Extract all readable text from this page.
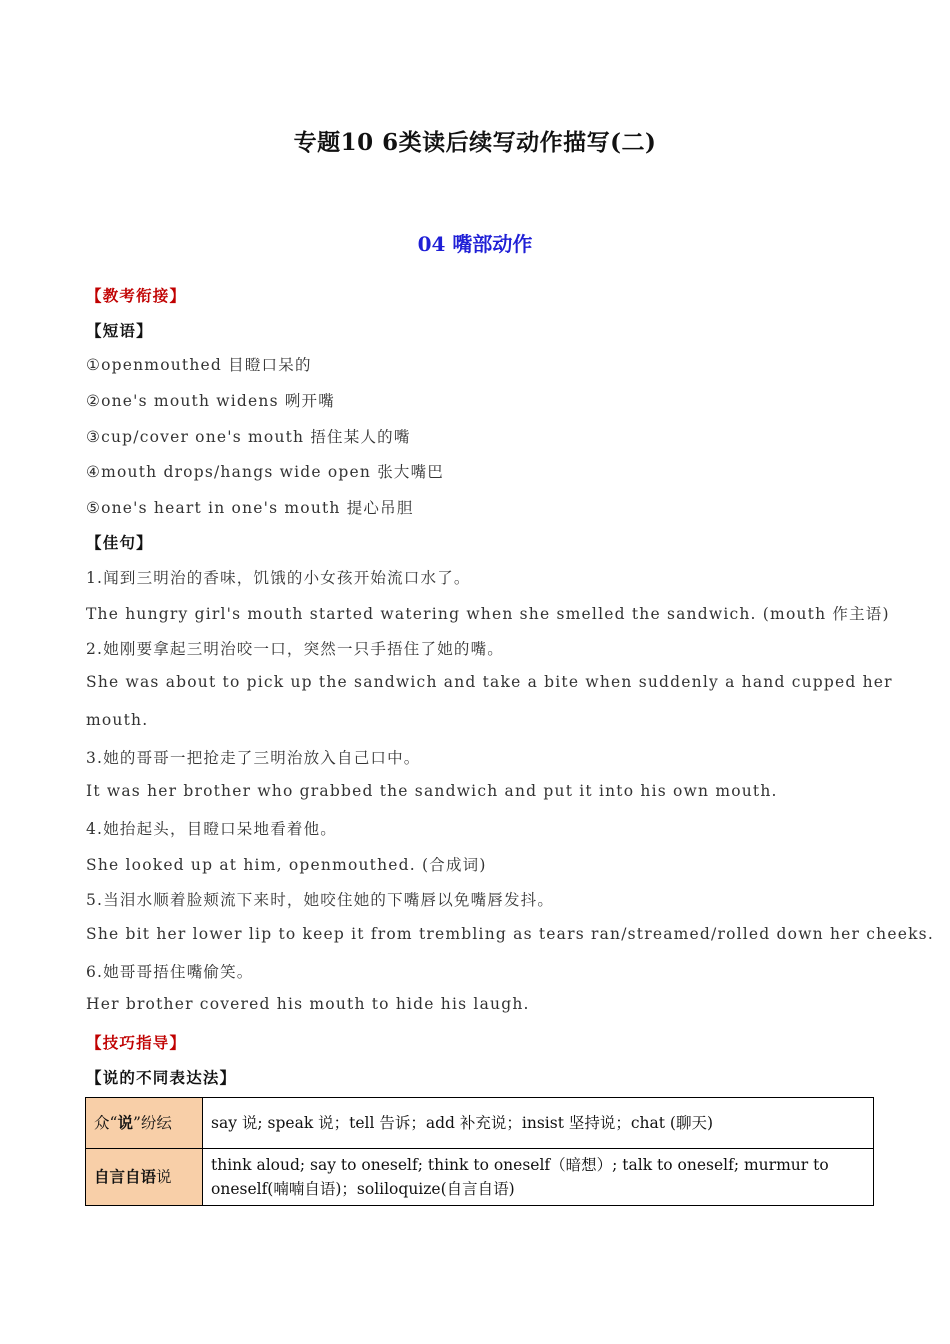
专题10 6类读后续写动作描写(二)
04 嘴部动作
【教考衔接】
【短语】
①openmouthed 目瞪口呆的
②one's mouth widens 咧开嘴
③cup/cover one's mouth 捂住某人的嘴
④mouth drops/hangs wide open 张大嘴巴
⑤one's heart in one's mouth 提心吊胆
【佳句】
1.闻到三明治的香味，饥饿的小女孩开始流口水了。
The hungry girl's mouth started watering when she smelled the sandwich. (mouth 作主语)
2.她刚要拿起三明治咬一口，突然一只手捂住了她的嘴。
She was about to pick up the sandwich and take a bite when suddenly a hand cupped her
mouth.
3.她的哥哥一把抢走了三明治放入自己口中。
It was her brother who grabbed the sandwich and put it into his own mouth.
4.她抬起头，目瞪口呆地看着他。
She looked up at him, openmouthed. (合成词)
5.当泪水顺着脸颊流下来时，她咬住她的下嘴唇以免嘴唇发抖。
She bit her lower lip to keep it from trembling as tears ran/streamed/rolled down her cheeks.
6.她哥哥捂住嘴偷笑。
Her brother covered his mouth to hide his laugh.
【技巧指导】
【说的不同表达法】
众“说”纷纭	say 说; speak 说；tell 告诉；add 补充说；insist 坚持说；chat (聊天)
自言自语说	think aloud; say to oneself; think to oneself（暗想）; talk to oneself; murmur to oneself(喃喃自语)；soliloquize(自言自语)
